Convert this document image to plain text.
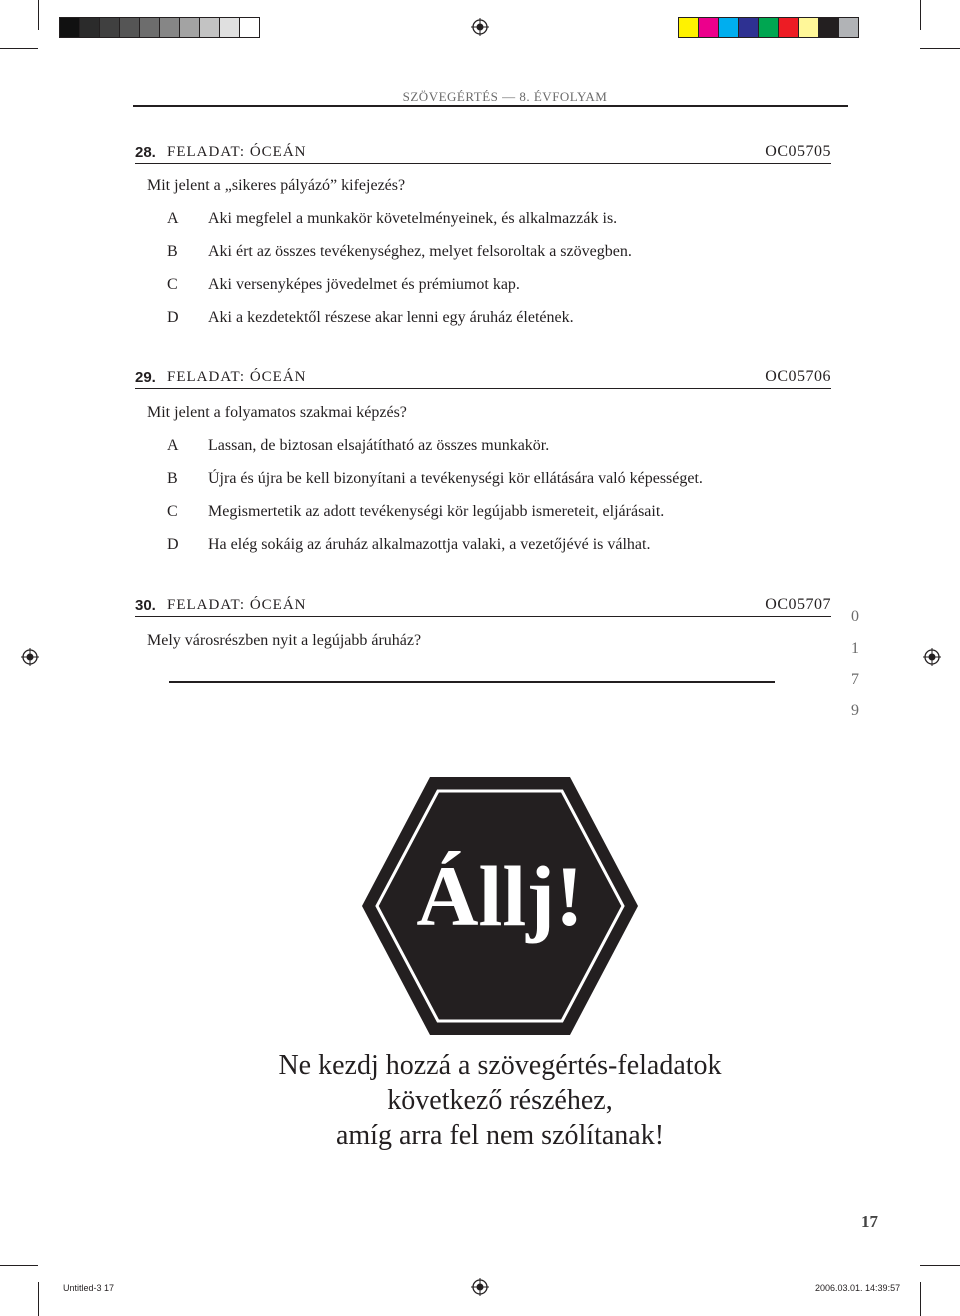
SZÖVEGÉRTÉS — 8. ÉVFOLYAM
28. FELADAT: ÓCEÁN	OC05705
Mit jelent a „sikeres pályázó” kifejezés?
A Aki megfelel a munkakör követelményeinek, és alkalmazzák is.
B Aki ért az összes tevékenységhez, melyet felsoroltak a szövegben.
C Aki versenyképes jövedelmet és prémiumot kap.
D Aki a kezdetektől részese akar lenni egy áruház életének.
29. FELADAT: ÓCEÁN	OC05706
Mit jelent a folyamatos szakmai képzés?
A Lassan, de biztosan elsajátítható az összes munkakör.
B Újra és újra be kell bizonyítani a tevékenységi kör ellátására való képességet.
C Megismertetik az adott tevékenységi kör legújabb ismereteit, eljárásait.
D Ha elég sokáig az áruház alkalmazottja valaki, a vezetőjévé is válhat.
30. FELADAT: ÓCEÁN	OC05707
Mely városrészben nyit a legújabb áruház?
0
1
7
9
Állj!
Ne kezdj hozzá a szövegértés-feladatok
következő részéhez,
amíg arra fel nem szólítanak!
17
Untitled-3 17	2006.03.01. 14:39:57
